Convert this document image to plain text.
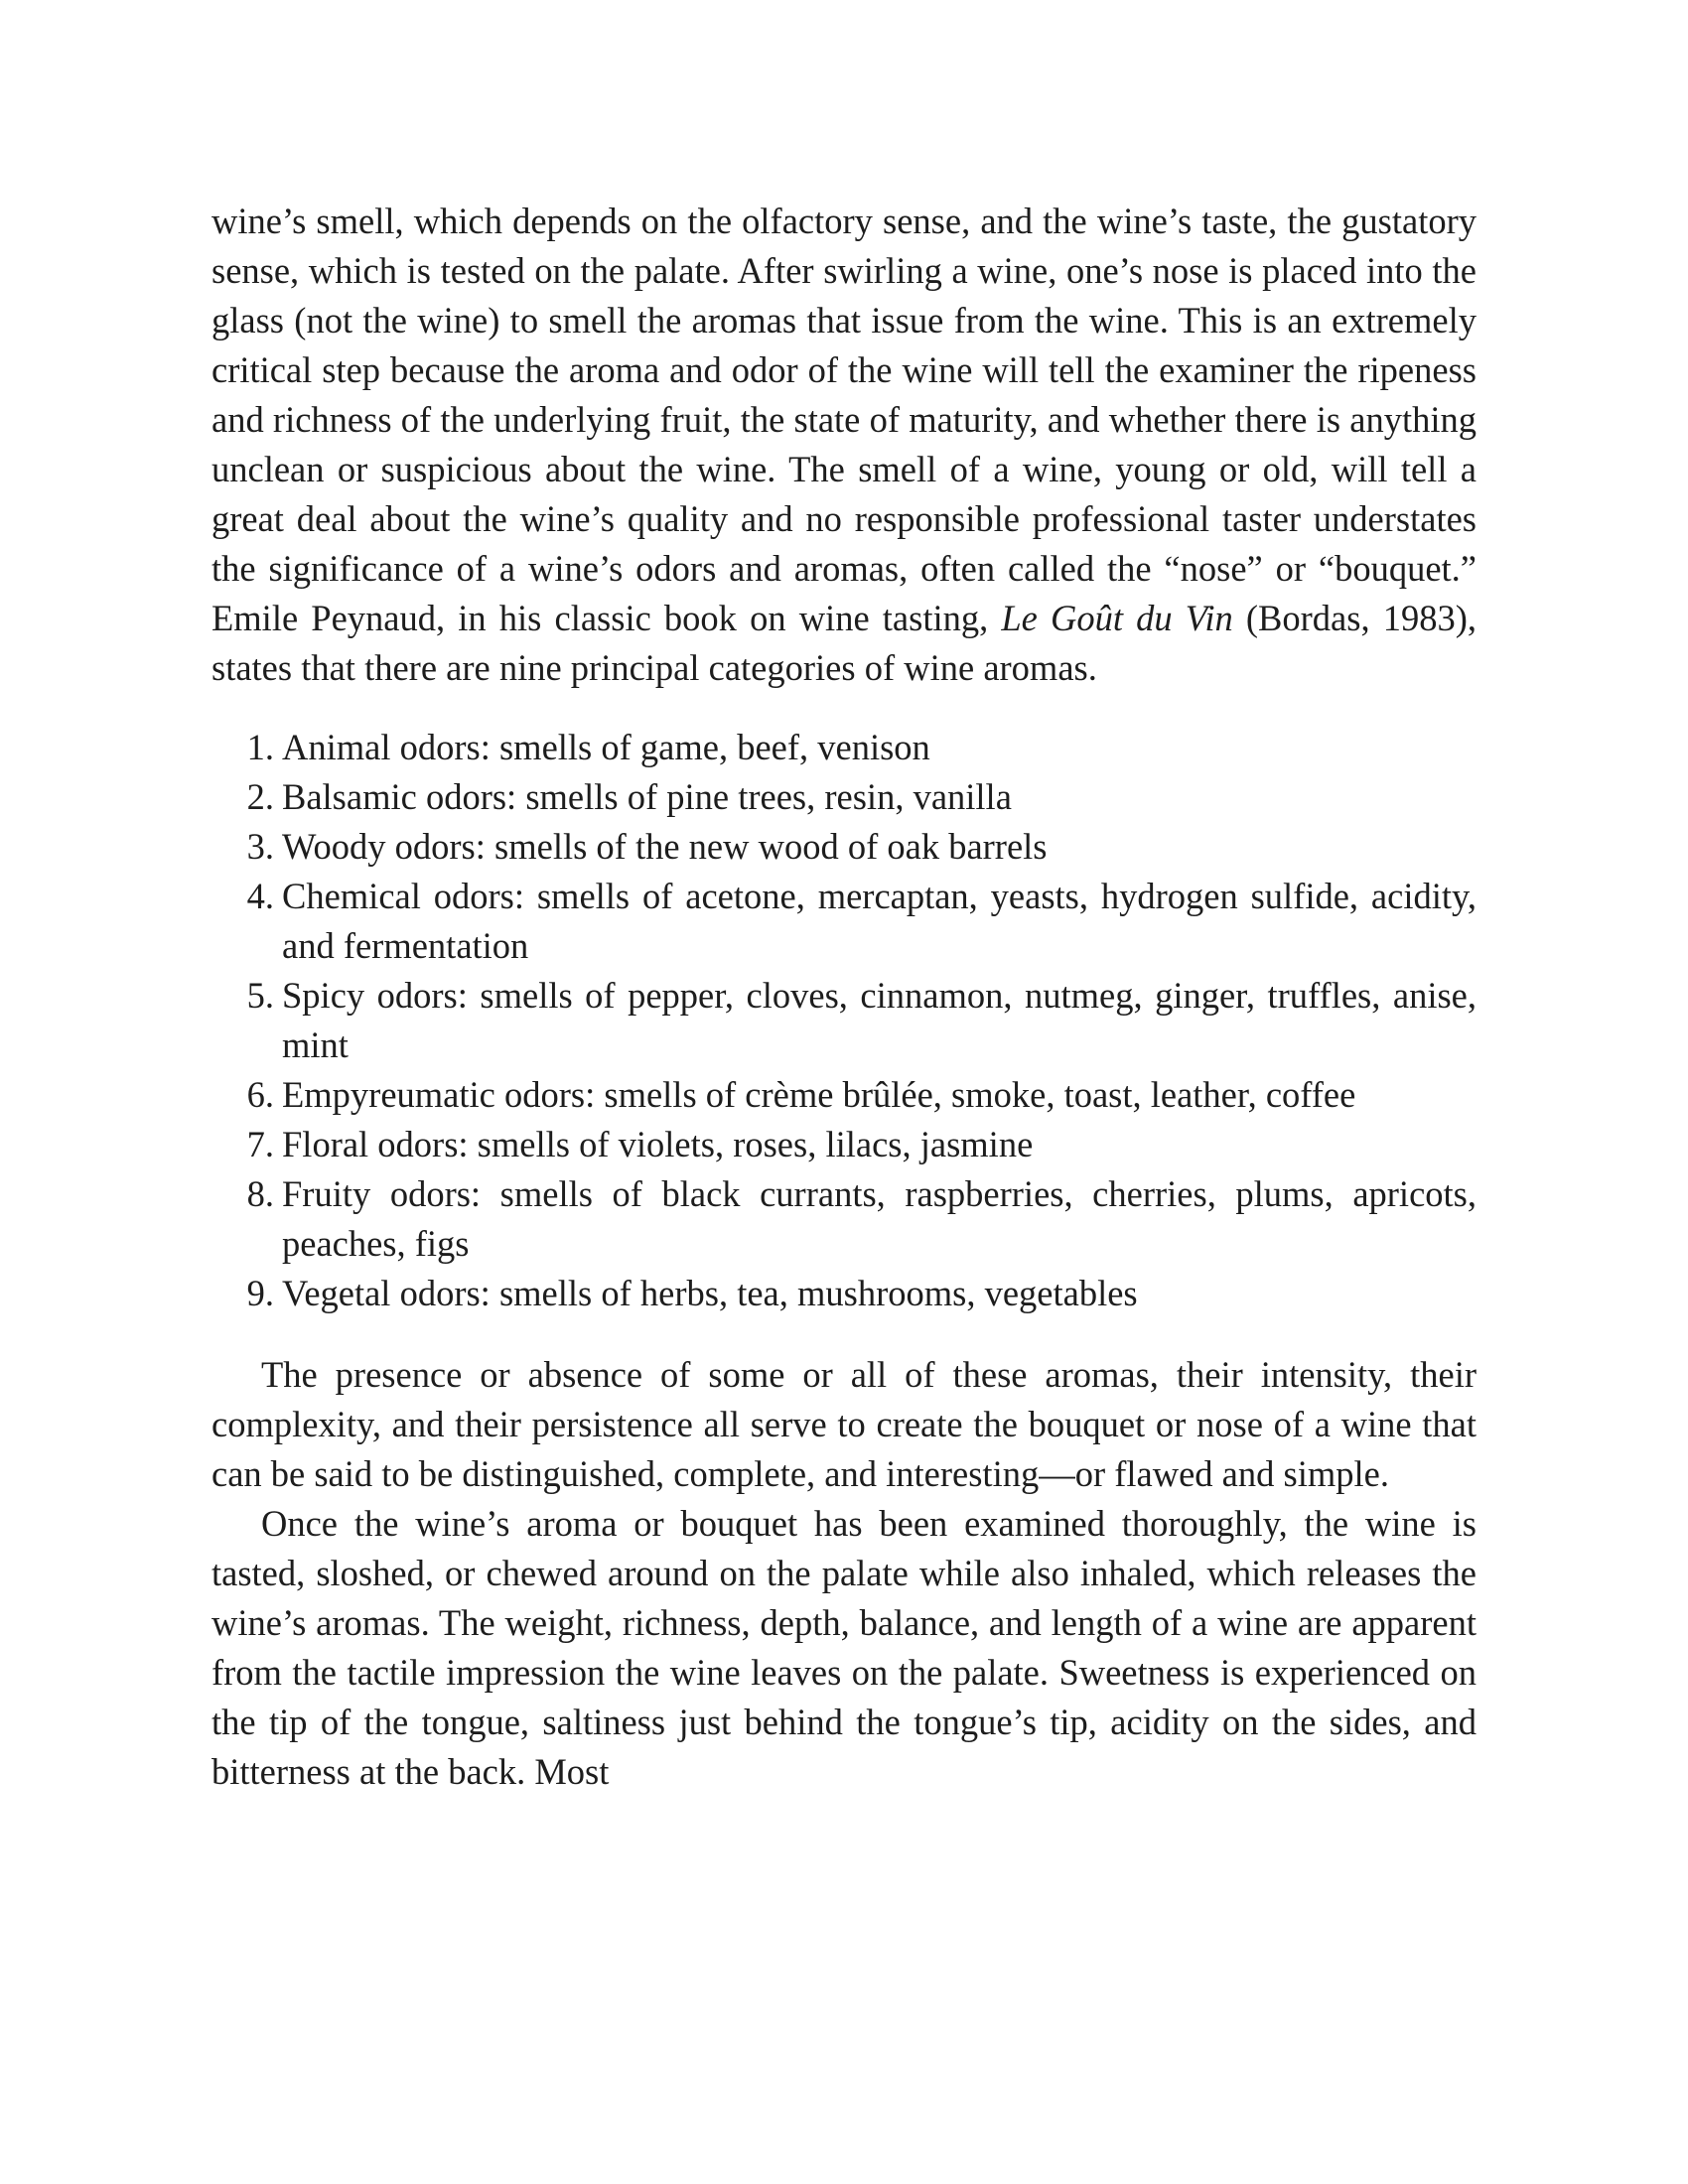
wine’s smell, which depends on the olfactory sense, and the wine’s taste, the gustatory sense, which is tested on the palate. After swirling a wine, one’s nose is placed into the glass (not the wine) to smell the aromas that issue from the wine. This is an extremely critical step because the aroma and odor of the wine will tell the examiner the ripeness and richness of the underlying fruit, the state of maturity, and whether there is anything unclean or suspicious about the wine. The smell of a wine, young or old, will tell a great deal about the wine’s quality and no responsible professional taster understates the significance of a wine’s odors and aromas, often called the “nose” or “bouquet.” Emile Peynaud, in his classic book on wine tasting, Le Goût du Vin (Bordas, 1983), states that there are nine principal categories of wine aromas.

1. Animal odors: smells of game, beef, venison
2. Balsamic odors: smells of pine trees, resin, vanilla
3. Woody odors: smells of the new wood of oak barrels
4. Chemical odors: smells of acetone, mercaptan, yeasts, hydrogen sulfide, acidity, and fermentation
5. Spicy odors: smells of pepper, cloves, cinnamon, nutmeg, ginger, truffles, anise, mint
6. Empyreumatic odors: smells of crème brûlée, smoke, toast, leather, coffee
7. Floral odors: smells of violets, roses, lilacs, jasmine
8. Fruity odors: smells of black currants, raspberries, cherries, plums, apricots, peaches, figs
9. Vegetal odors: smells of herbs, tea, mushrooms, vegetables

The presence or absence of some or all of these aromas, their intensity, their complexity, and their persistence all serve to create the bouquet or nose of a wine that can be said to be distinguished, complete, and interesting—or flawed and simple.

Once the wine’s aroma or bouquet has been examined thoroughly, the wine is tasted, sloshed, or chewed around on the palate while also inhaled, which releases the wine’s aromas. The weight, richness, depth, balance, and length of a wine are apparent from the tactile impression the wine leaves on the palate. Sweetness is experienced on the tip of the tongue, saltiness just behind the tongue’s tip, acidity on the sides, and bitterness at the back. Most
